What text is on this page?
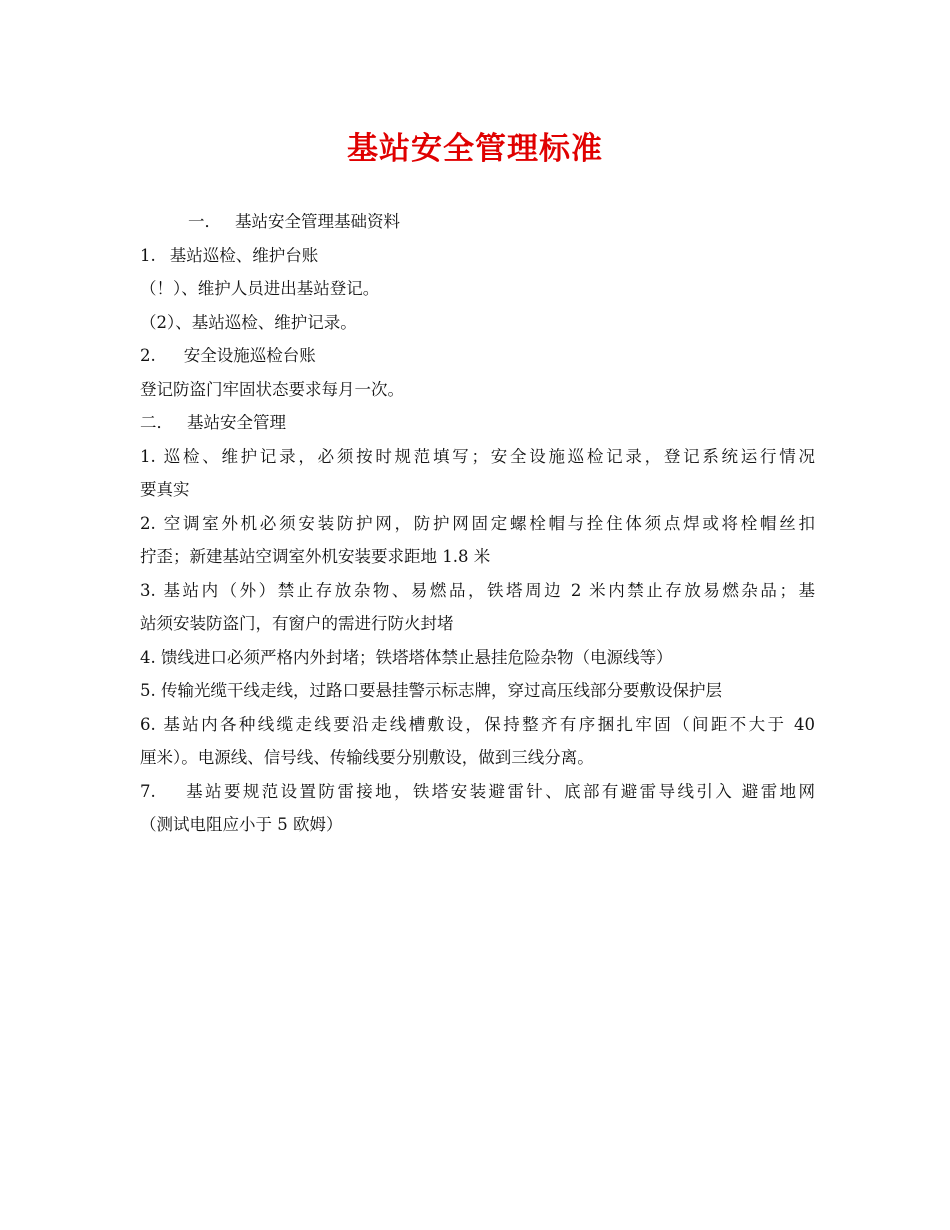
基站安全管理标准
一． 基站安全管理基础资料
1. 基站巡检、维护台账
（！）、维护人员进出基站登记。
（2）、基站巡检、维护记录。
2. 安全设施巡检台账
登记防盗门牢固状态要求每月一次。
二． 基站安全管理
1. 巡检、维护记录，必须按时规范填写；安全设施巡检记录，登记系统运行情况
要真实
2. 空调室外机必须安装防护网，防护网固定螺栓帽与拴住体须点焊或将栓帽丝扣
拧歪；新建基站空调室外机安装要求距地 1.8 米
3. 基站内（外）禁止存放杂物、易燃品，铁塔周边 2 米内禁止存放易燃杂品；基
站须安装防盗门，有窗户的需进行防火封堵
4. 馈线进口必须严格内外封堵；铁塔塔体禁止悬挂危险杂物（电源线等）
5. 传输光缆干线走线，过路口要悬挂警示标志牌，穿过高压线部分要敷设保护层
6. 基站内各种线缆走线要沿走线槽敷设，保持整齐有序捆扎牢固（间距不大于 40
厘米）。电源线、信号线、传输线要分别敷设，做到三线分离。
7. 基站要规范设置防雷接地，铁塔安装避雷针、底部有避雷导线引入 避雷地网
（测试电阻应小于 5 欧姆）
